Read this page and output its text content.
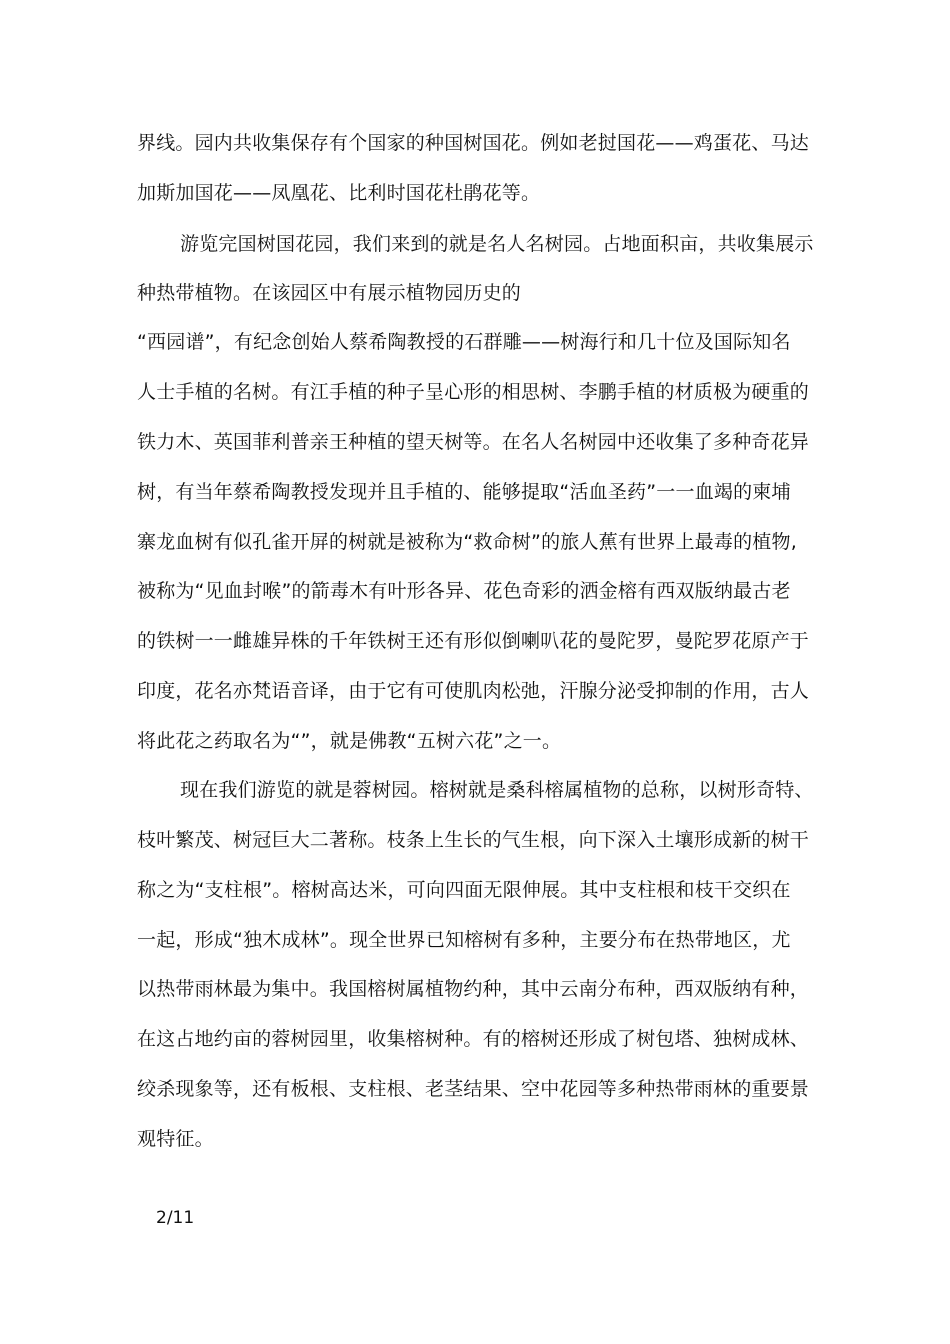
界线。园内共收集保存有个国家的种国树国花。例如老挝国花——鸡蛋花、马达
加斯加国花——凤凰花、比利时国花杜鹃花等。
游览完国树国花园，我们来到的就是名人名树园。占地面积亩，共收集展示
种热带植物。在该园区中有展示植物园历史的
“西园谱”，有纪念创始人蔡希陶教授的石群雕——树海行和几十位及国际知名
人士手植的名树。有江手植的种子呈心形的相思树、李鹏手植的材质极为硬重的
铁力木、英国菲利普亲王种植的望天树等。在名人名树园中还收集了多种奇花异
树，有当年蔡希陶教授发现并且手植的、能够提取“活血圣药”一一血竭的柬埔
寨龙血树有似孔雀开屏的树就是被称为“救命树”的旅人蕉有世界上最毒的植物,
被称为“见血封喉”的箭毒木有叶形各异、花色奇彩的洒金榕有西双版纳最古老
的铁树一一雌雄异株的千年铁树王还有形似倒喇叭花的曼陀罗，曼陀罗花原产于
印度，花名亦梵语音译，由于它有可使肌肉松弛，汗腺分泌受抑制的作用，古人
将此花之药取名为“”，就是佛教“五树六花”之一。
现在我们游览的就是蓉树园。榕树就是桑科榕属植物的总称，以树形奇特、
枝叶繁茂、树冠巨大二著称。枝条上生长的气生根，向下深入土壤形成新的树干
称之为“支柱根”。榕树高达米，可向四面无限伸展。其中支柱根和枝干交织在
一起，形成“独木成林”。现全世界已知榕树有多种，主要分布在热带地区，尤
以热带雨林最为集中。我国榕树属植物约种，其中云南分布种，西双版纳有种，
在这占地约亩的蓉树园里，收集榕树种。有的榕树还形成了树包塔、独树成林、
绞杀现象等，还有板根、支柱根、老茎结果、空中花园等多种热带雨林的重要景
观特征。
2/11
